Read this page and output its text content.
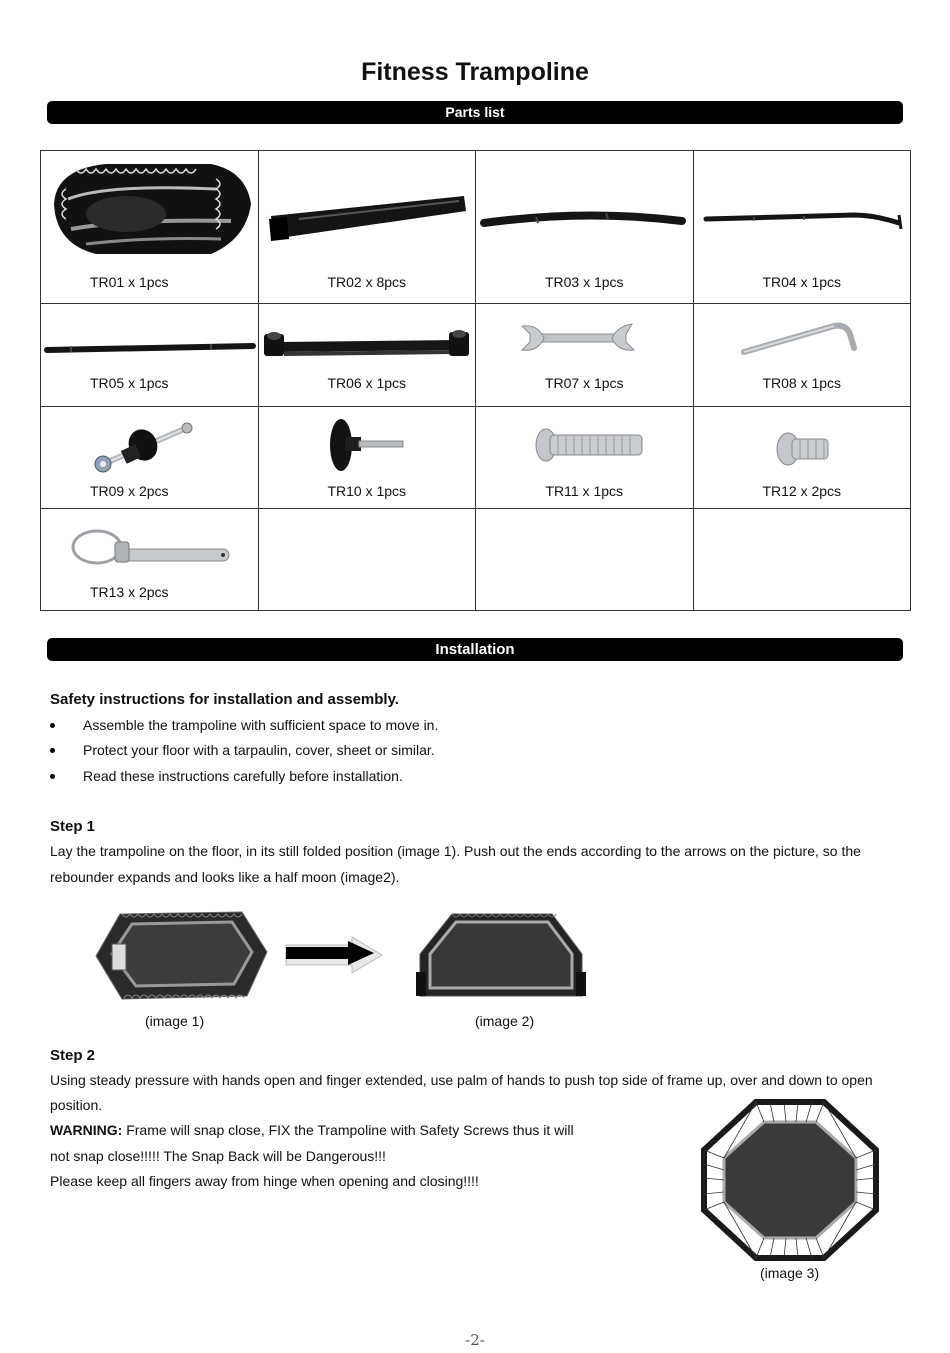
Fitness Trampoline
Parts list
TR01 x 1pcs	TR02 x 8pcs	TR03 x 1pcs	TR04 x 1pcs

TR05 x 1pcs	TR06 x 1pcs	TR07 x 1pcs	TR08 x 1pcs

TR09 x 2pcs	TR10 x 1pcs	TR11 x 1pcs	TR12 x 2pcs

TR13 x 2pcs			

Installation
Safety instructions for installation and assembly.
Assemble the trampoline with sufficient space to move in.
Protect your floor with a tarpaulin, cover, sheet or similar.
Read these instructions carefully before installation.
Step 1
Lay the trampoline on the floor, in its still folded position (image 1). Push out the ends according to the arrows on the picture, so the
rebounder expands and looks like a half moon (image2).
(image 1)	(image 2)
Step 2
Using steady pressure with hands open and finger extended, use palm of hands to push top side of frame up, over and down to open
position.
WARNING: Frame will snap close, FIX the Trampoline with Safety Screws thus it will
not snap close!!!!! The Snap Back will be Dangerous!!!
Please keep all fingers away from hinge when opening and closing!!!!
(image 3)
-2-
